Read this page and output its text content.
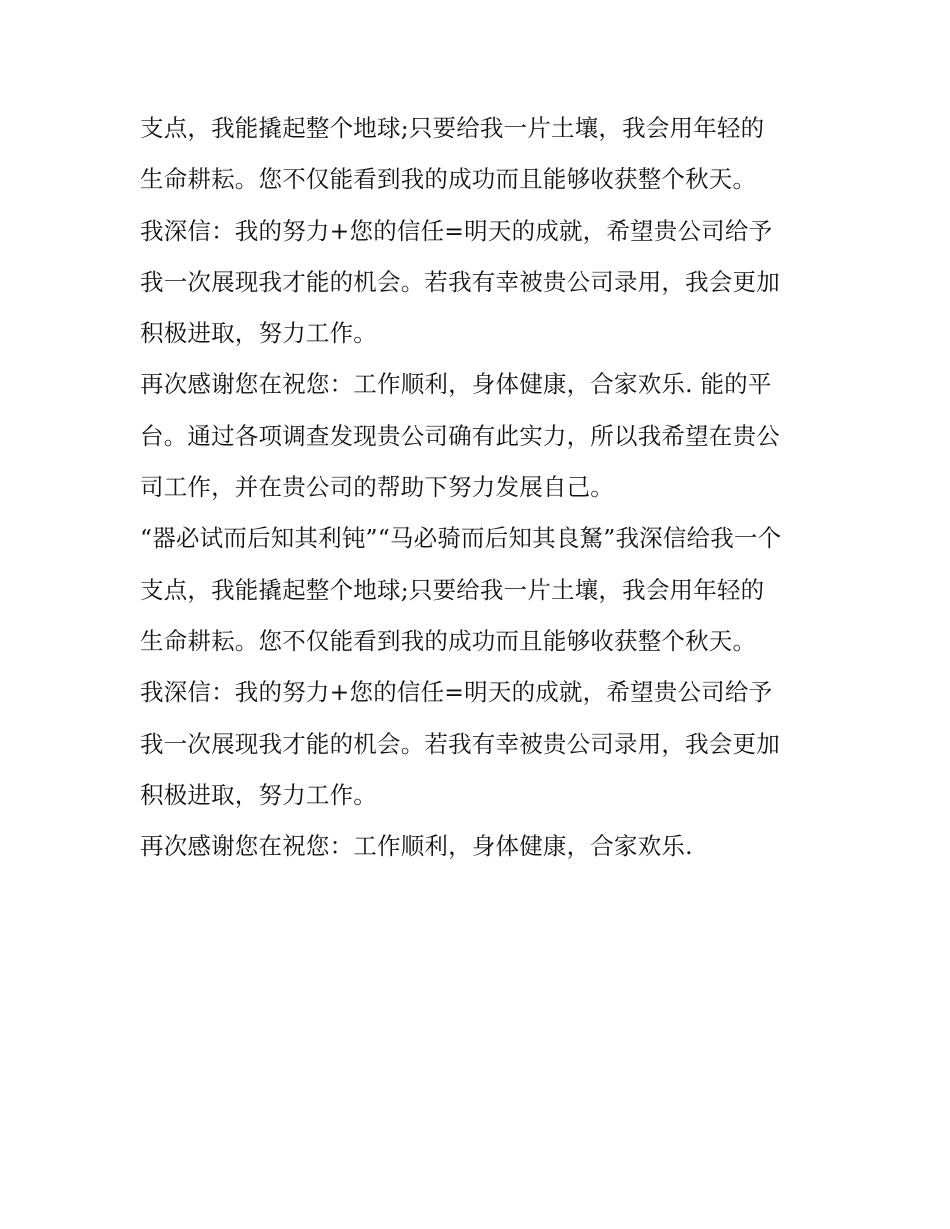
支点，我能撬起整个地球;只要给我一片土壤，我会用年轻的
生命耕耘。您不仅能看到我的成功而且能够收获整个秋天。
我深信：我的努力+您的信任=明天的成就，希望贵公司给予
我一次展现我才能的机会。若我有幸被贵公司录用，我会更加
积极进取，努力工作。
再次感谢您在祝您：工作顺利，身体健康，合家欢乐. 能的平
台。通过各项调查发现贵公司确有此实力，所以我希望在贵公
司工作，并在贵公司的帮助下努力发展自己。
“器必试而后知其利钝”“马必骑而后知其良駑”我深信给我一个
支点，我能撬起整个地球;只要给我一片土壤，我会用年轻的
生命耕耘。您不仅能看到我的成功而且能够收获整个秋天。
我深信：我的努力+您的信任=明天的成就，希望贵公司给予
我一次展现我才能的机会。若我有幸被贵公司录用，我会更加
积极进取，努力工作。
再次感谢您在祝您：工作顺利，身体健康，合家欢乐.
